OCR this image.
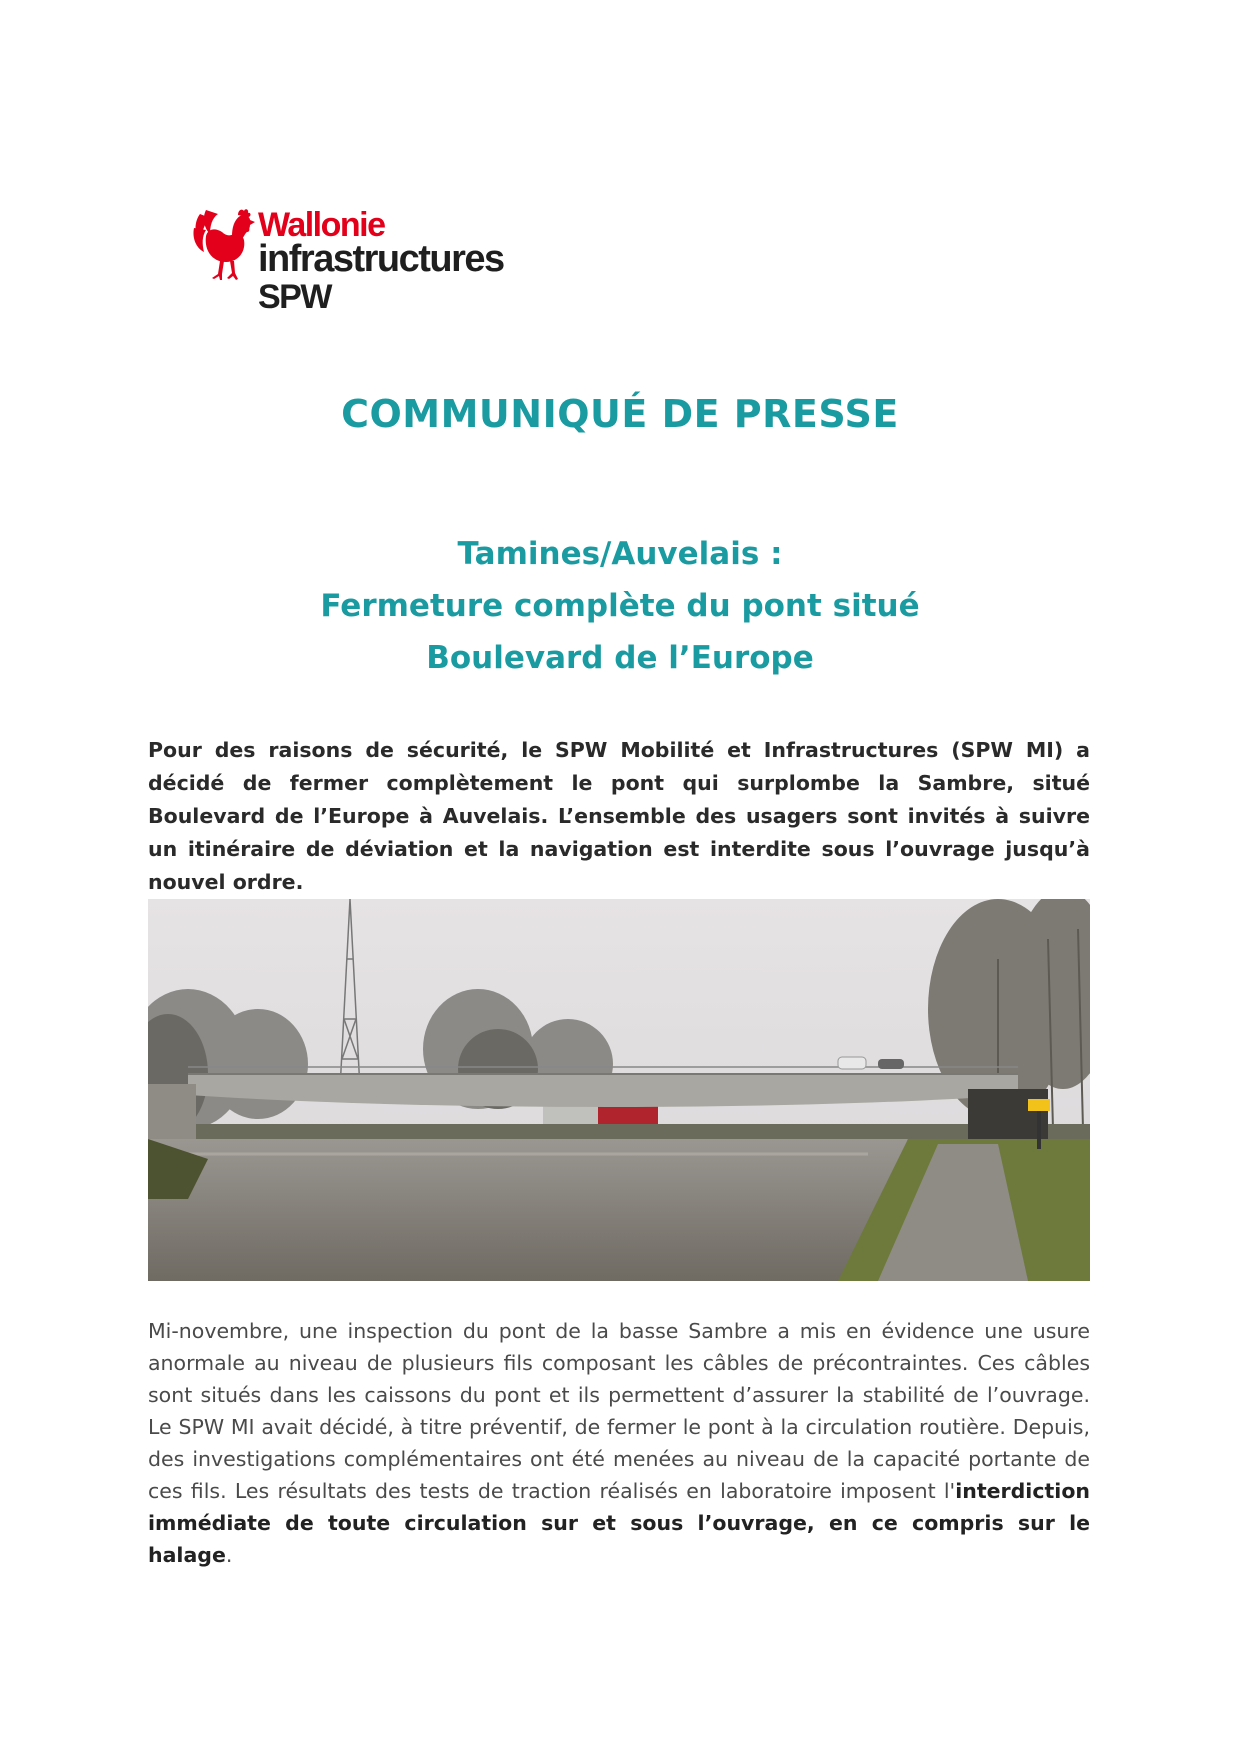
Wallonie
infrastructures
SPW
COMMUNIQUÉ DE PRESSE
Tamines/Auvelais :
Fermeture complète du pont situé
Boulevard de l’Europe

Pour des raisons de sécurité, le SPW Mobilité et Infrastructures (SPW MI) a décidé de fermer complètement le pont qui surplombe la Sambre, situé Boulevard de l’Europe à Auvelais. L’ensemble des usagers sont invités à suivre un itinéraire de déviation et la navigation est interdite sous l’ouvrage jusqu’à nouvel ordre.

Mi-novembre, une inspection du pont de la basse Sambre a mis en évidence une usure anormale au niveau de plusieurs fils composant les câbles de précontraintes. Ces câbles sont situés dans les caissons du pont et ils permettent d’assurer la stabilité de l’ouvrage. Le SPW MI avait décidé, à titre préventif, de fermer le pont à la circulation routière. Depuis, des investigations complémentaires ont été menées au niveau de la capacité portante de ces fils. Les résultats des tests de traction réalisés en laboratoire imposent l'interdiction immédiate de toute circulation sur et sous l’ouvrage, en ce compris sur le halage.
